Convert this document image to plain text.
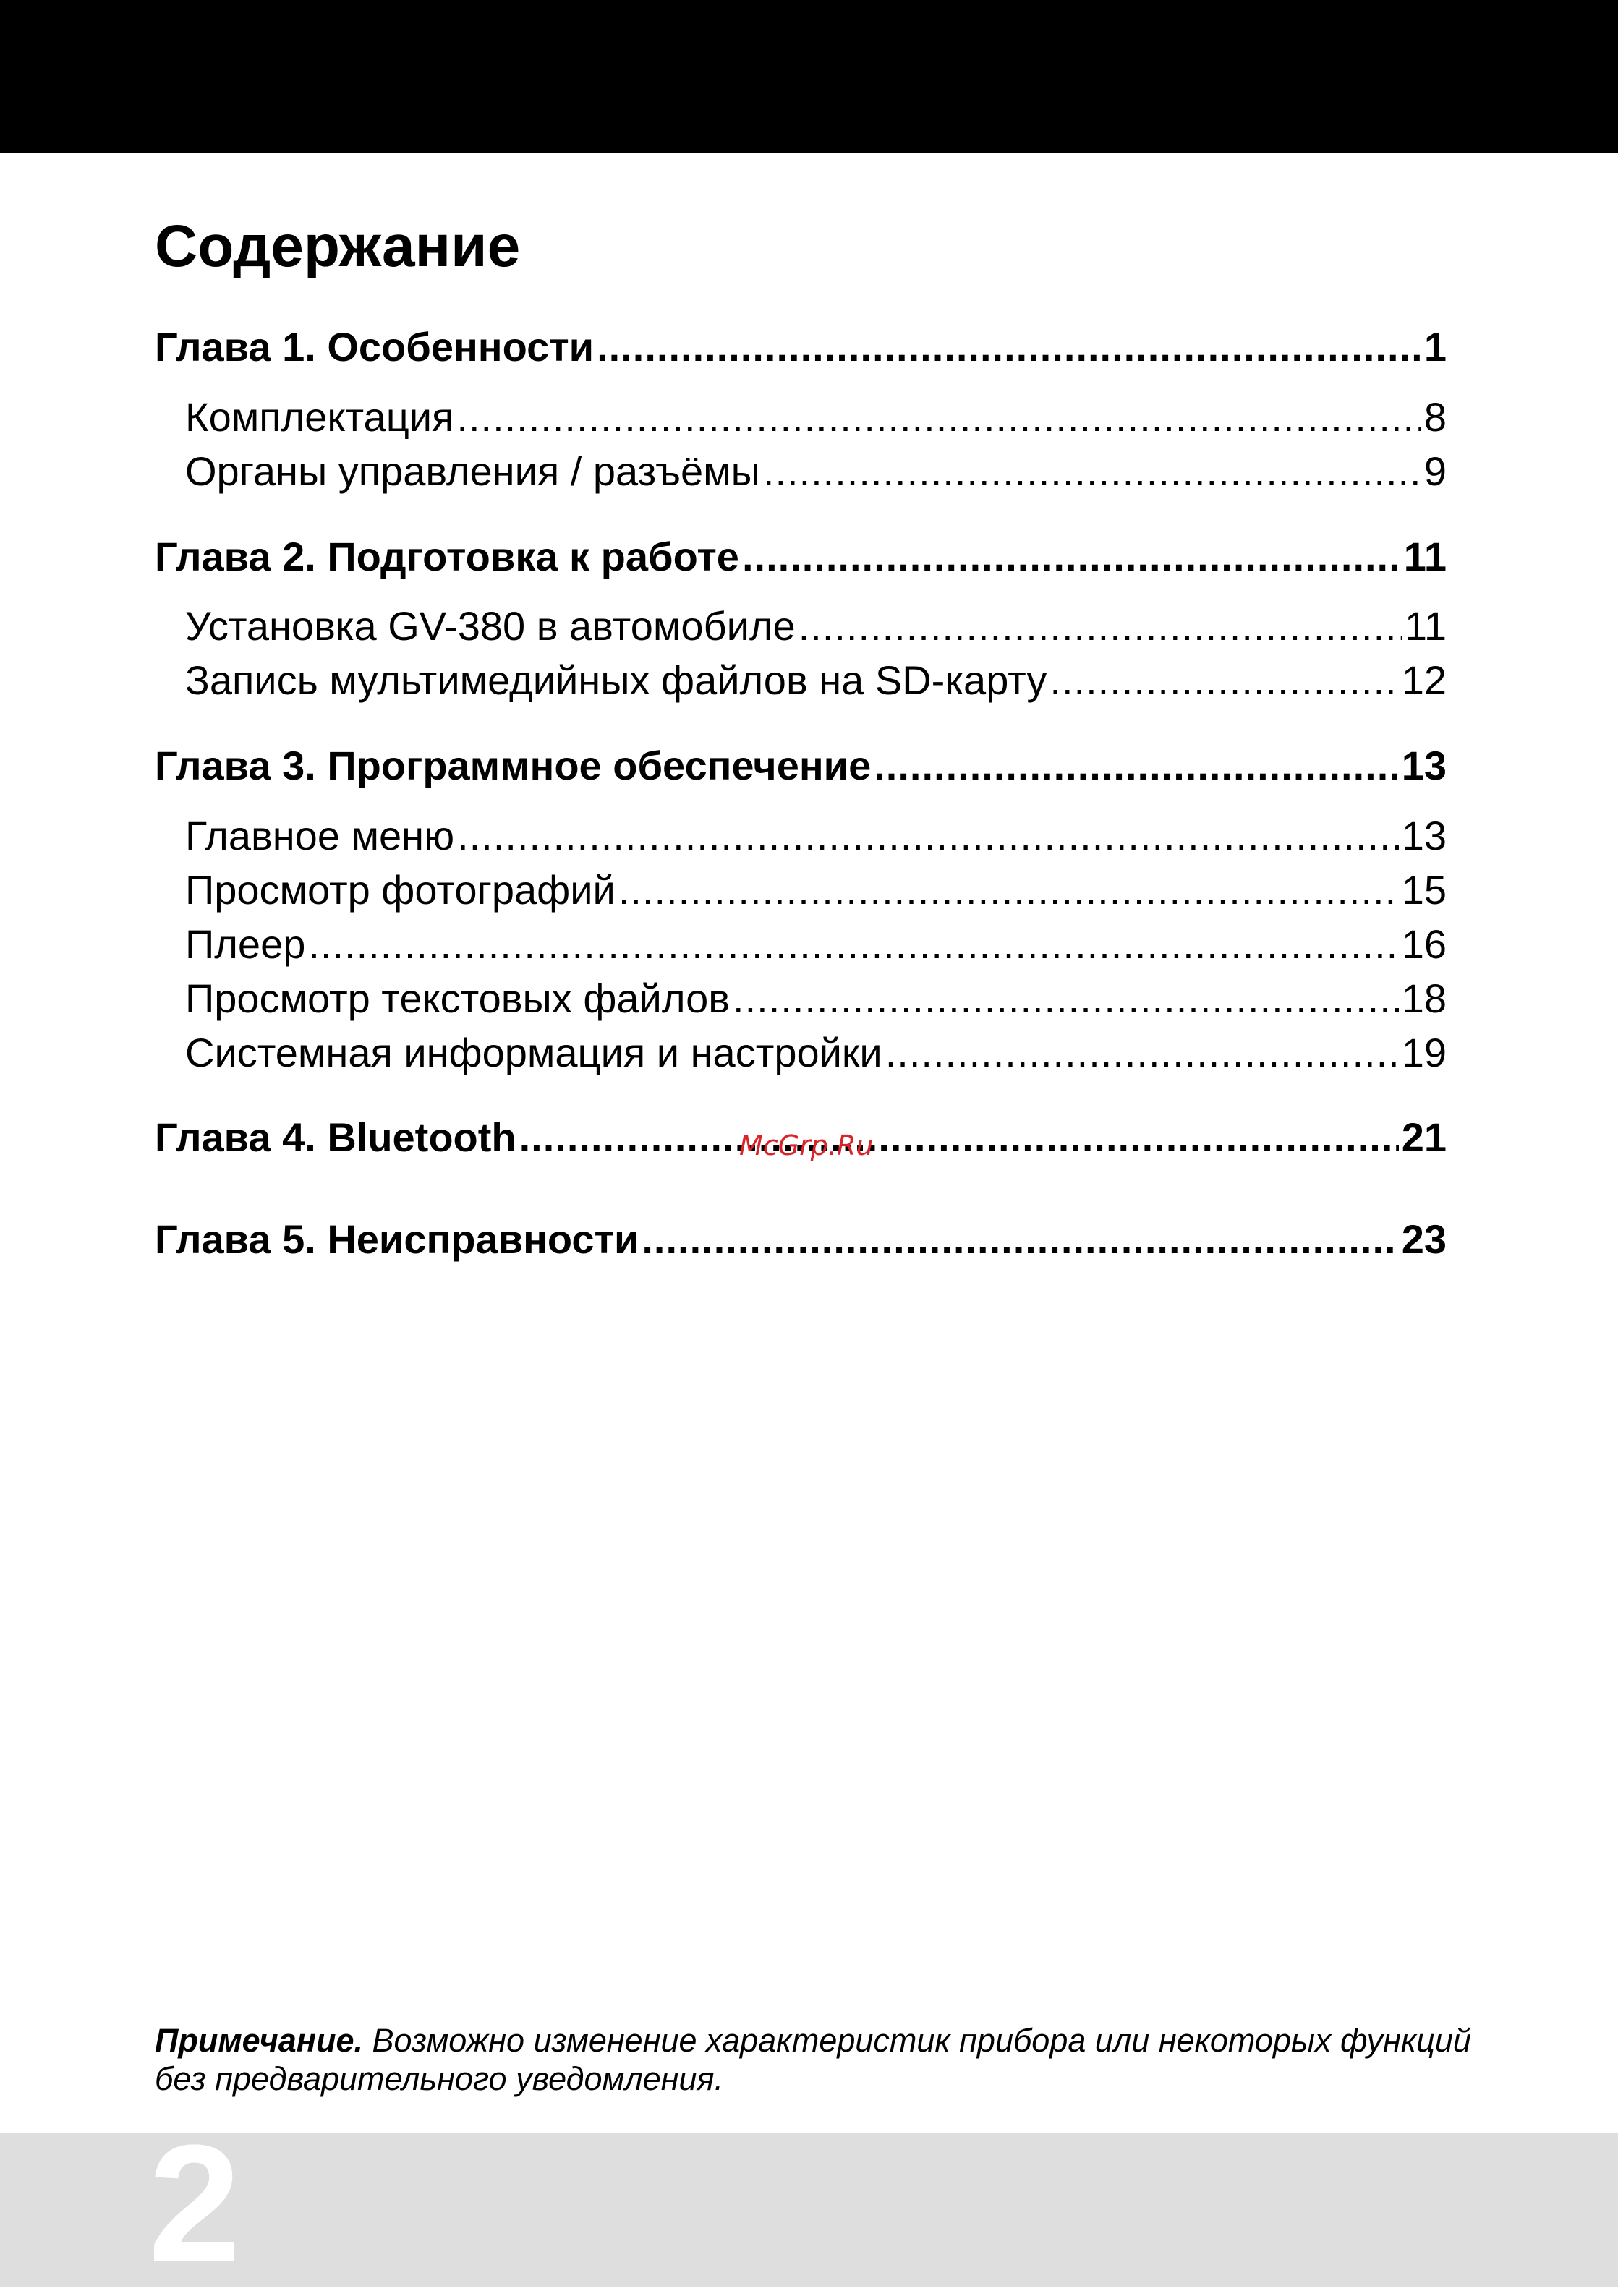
Содержание
Глава 1. Особенности .....	1
Комплектация .....	8
Органы управления / разъёмы .....	9
Глава 2. Подготовка к работе .....	11
Установка GV-380 в автомобиле .....	11
Запись мультимедийных файлов на SD-карту .....	12
Глава 3. Программное обеспечение .....	13
Главное меню .....	13
Просмотр фотографий .....	15
Плеер .....	16
Просмотр текстовых файлов .....	18
Системная информация и настройки .....	19
Глава 4. Bluetooth .....	21
Глава 5. Неисправности .....	23
McGrp.Ru
Примечание. Возможно изменение характеристик прибора или некоторых функций без предварительного уведомления.
2
